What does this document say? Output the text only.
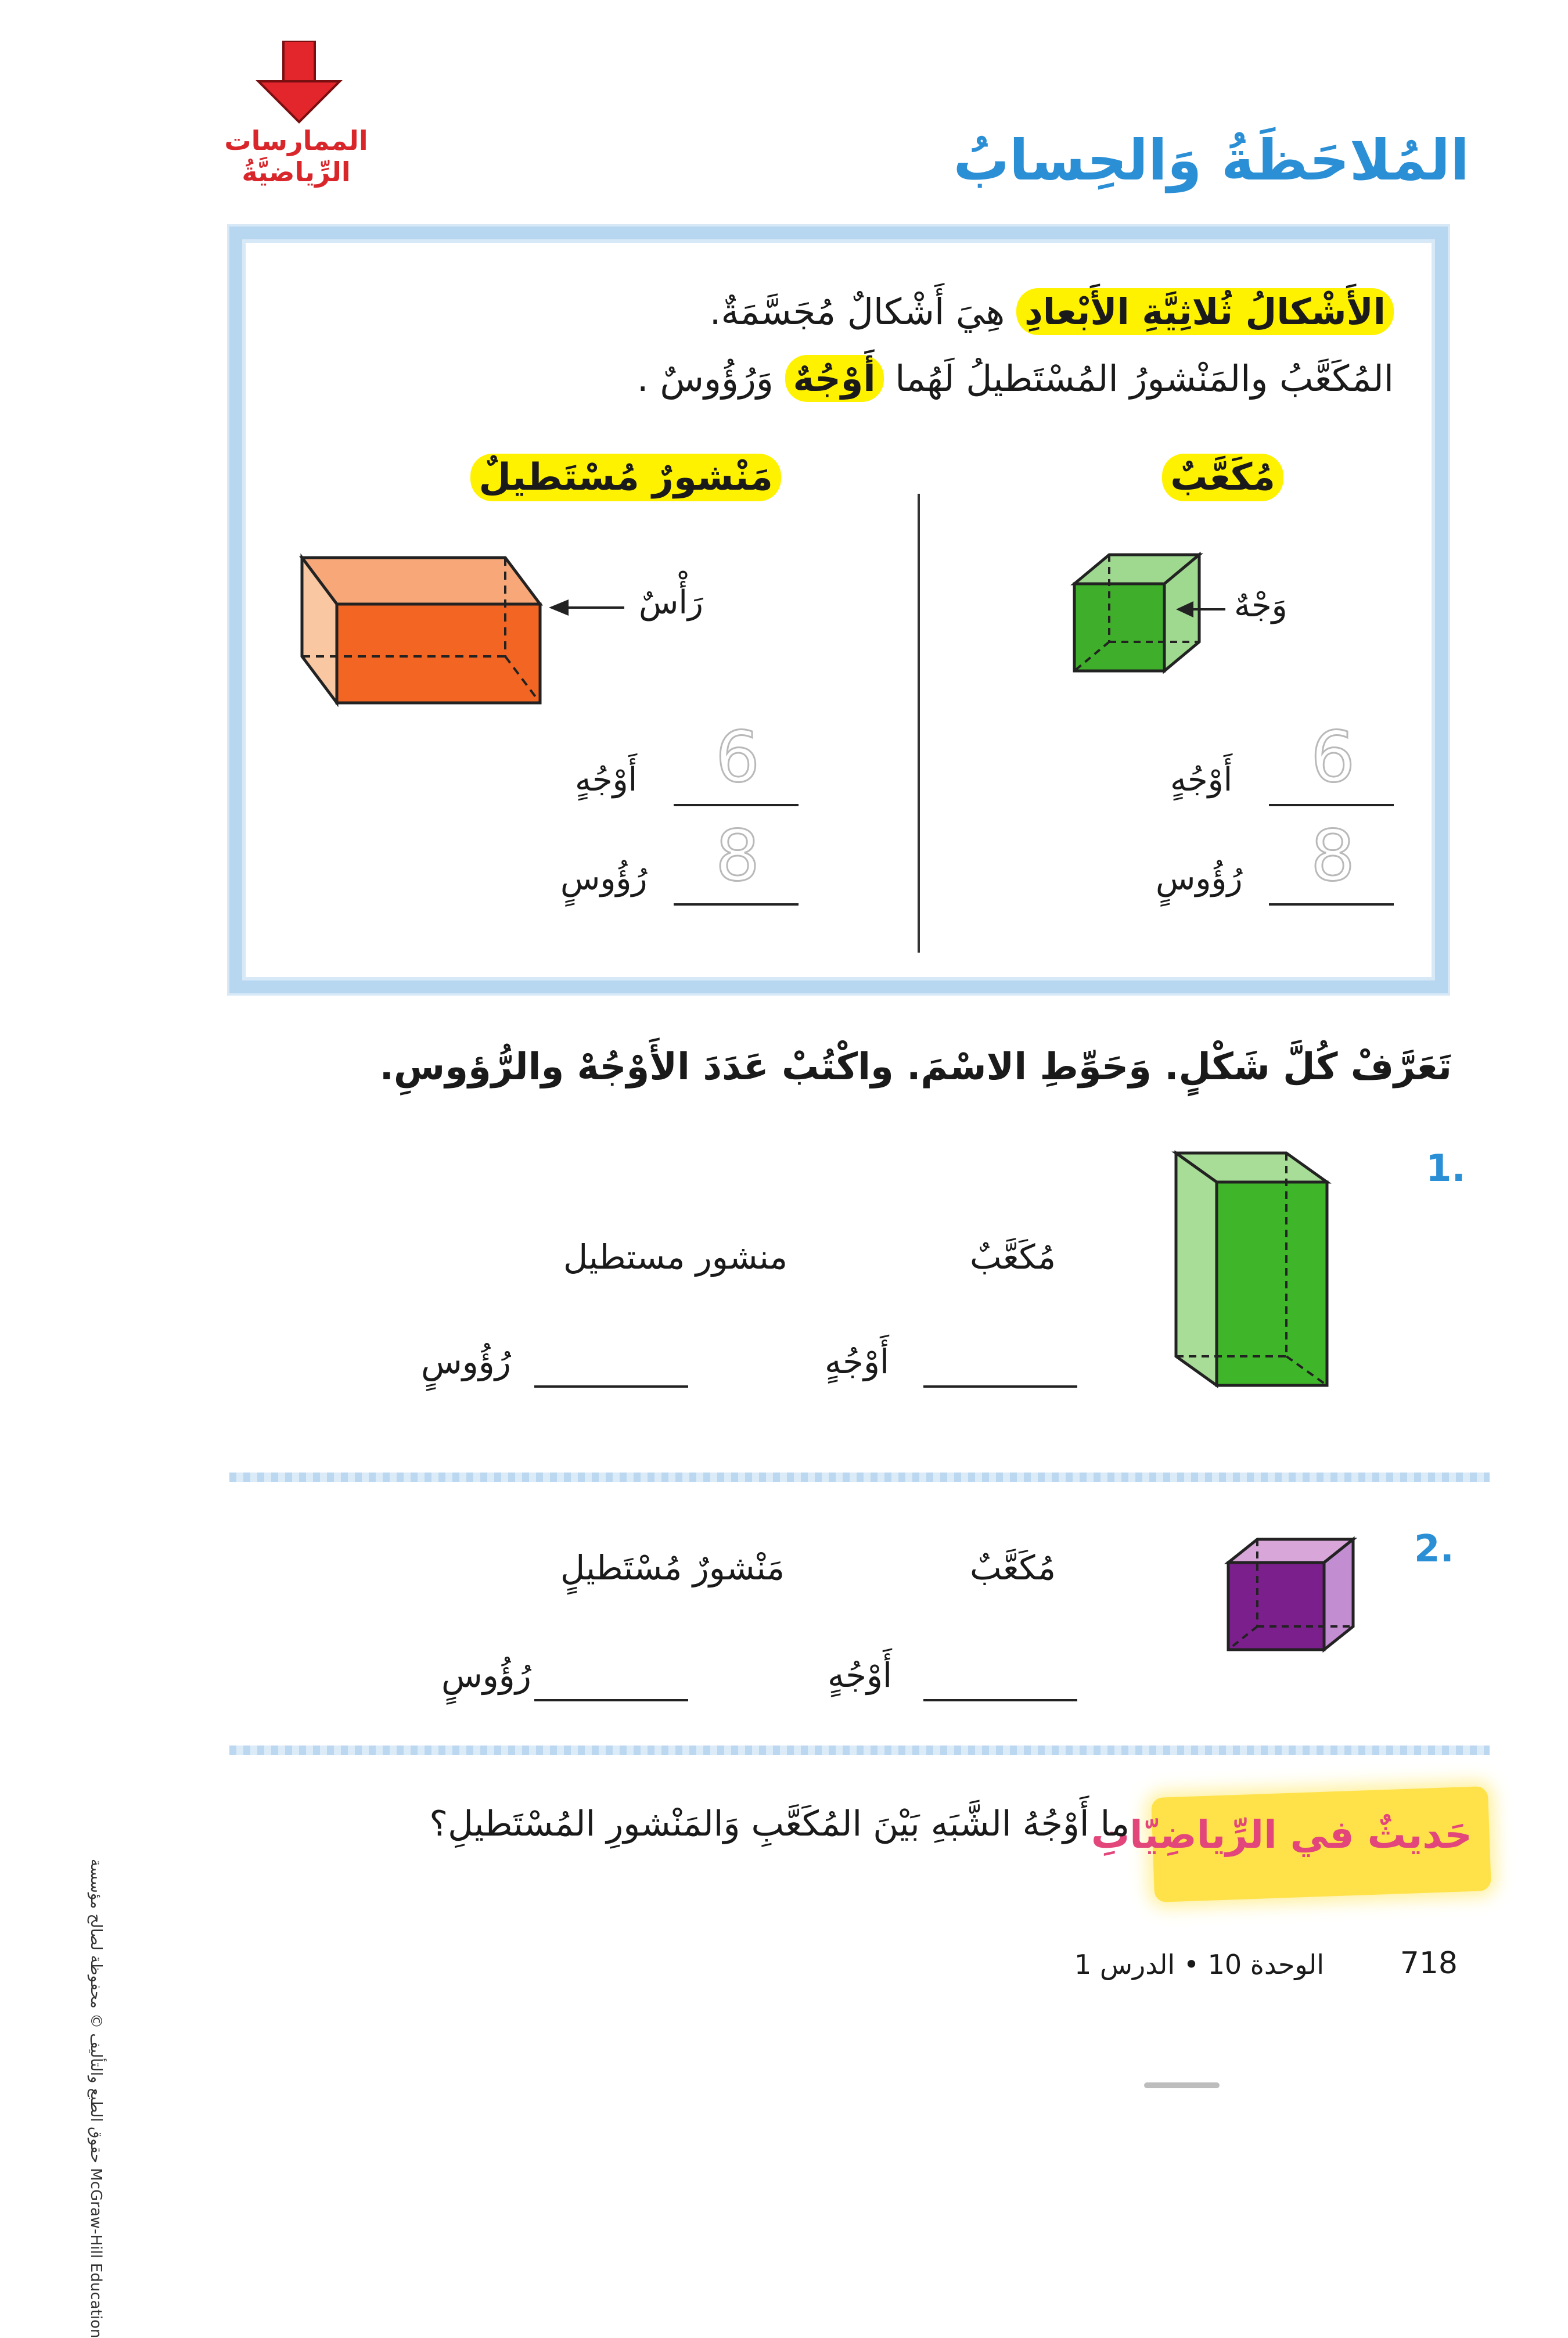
الممارسات الرِّياضيَّةُ	المُلاحَظَةُ وَالحِسابُ
الأَشْكالُ ثُلاثِيَّةِ الأَبْعادِ هِيَ أَشْكالٌ مُجَسَّمَةٌ.
المُكَعَّبُ والمَنْشورُ المُسْتَطيلُ لَهُما أَوْجُهٌ وَرُؤُوسٌ .
مُكَعَّبٌ
مَنْشورٌ مُسْتَطيلٌ
رَأْسٌ
6
أَوْجُهٍ
8
رُؤُوسٍ
وَجْهٌ
6
أَوْجُهٍ
8
رُؤُوسٍ
تَعَرَّفْ كُلَّ شَكْلٍ. وَحَوِّطِ الاسْمَ. واكْتُبْ عَدَدَ الأَوْجُهْ والرُّؤوسِ.
1.
مُكَعَّبٌ
منشور مستطيل
أَوْجُهٍ
رُؤُوسٍ
2.
مُكَعَّبٌ
مَنْشورٌ مُسْتَطيلٍ
أَوْجُهٍ
رُؤُوسٍ
حَديثٌ في الرِّياضِيّاتِ
ما أَوْجُهُ الشَّبَهِ بَيْنَ المُكَعَّبِ وَالمَنْشورِ المُسْتَطيلِ؟
حقوق الطبع والتأليف © محفوظة لصالح مؤسسة McGraw-Hill Education
718
الوحدة 10 • الدرس 1
